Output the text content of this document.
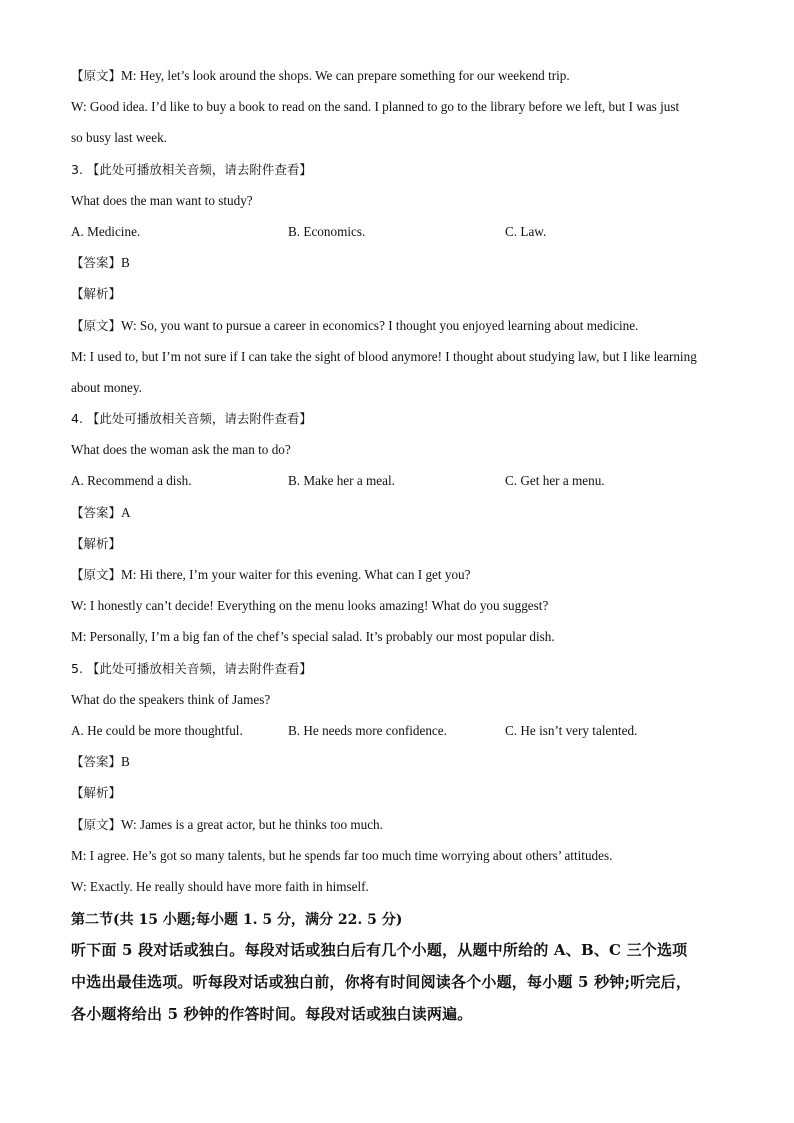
【原文】M: Hey, let’s look around the shops. We can prepare something for our weekend trip.
W: Good idea. I’d like to buy a book to read on the sand. I planned to go to the library before we left, but I was just
so busy last week.
3. 【此处可播放相关音频，请去附件查看】
What does the man want to study?
A. Medicine.	B. Economics.	C. Law.
【答案】B
【解析】
【原文】W: So, you want to pursue a career in economics? I thought you enjoyed learning about medicine.
M: I used to, but I’m not sure if I can take the sight of blood anymore! I thought about studying law, but I like learning
about money.
4. 【此处可播放相关音频，请去附件查看】
What does the woman ask the man to do?
A. Recommend a dish.	B. Make her a meal.	C. Get her a menu.
【答案】A
【解析】
【原文】M: Hi there, I’m your waiter for this evening. What can I get you?
W: I honestly can’t decide! Everything on the menu looks amazing! What do you suggest?
M: Personally, I’m a big fan of the chef’s special salad. It’s probably our most popular dish.
5. 【此处可播放相关音频，请去附件查看】
What do the speakers think of James?
A. He could be more thoughtful.	B. He needs more confidence.	C. He isn’t very talented.
【答案】B
【解析】
【原文】W: James is a great actor, but he thinks too much.
M: I agree. He’s got so many talents, but he spends far too much time worrying about others’ attitudes.
W: Exactly. He really should have more faith in himself.
第二节(共 15 小题;每小题 1. 5 分，满分 22. 5 分)
听下面 5 段对话或独白。每段对话或独白后有几个小题，从题中所给的 A、B、C 三个选项
中选出最佳选项。听每段对话或独白前，你将有时间阅读各个小题，每小题 5 秒钟;听完后，
各小题将给出 5 秒钟的作答时间。每段对话或独白读两遍。
